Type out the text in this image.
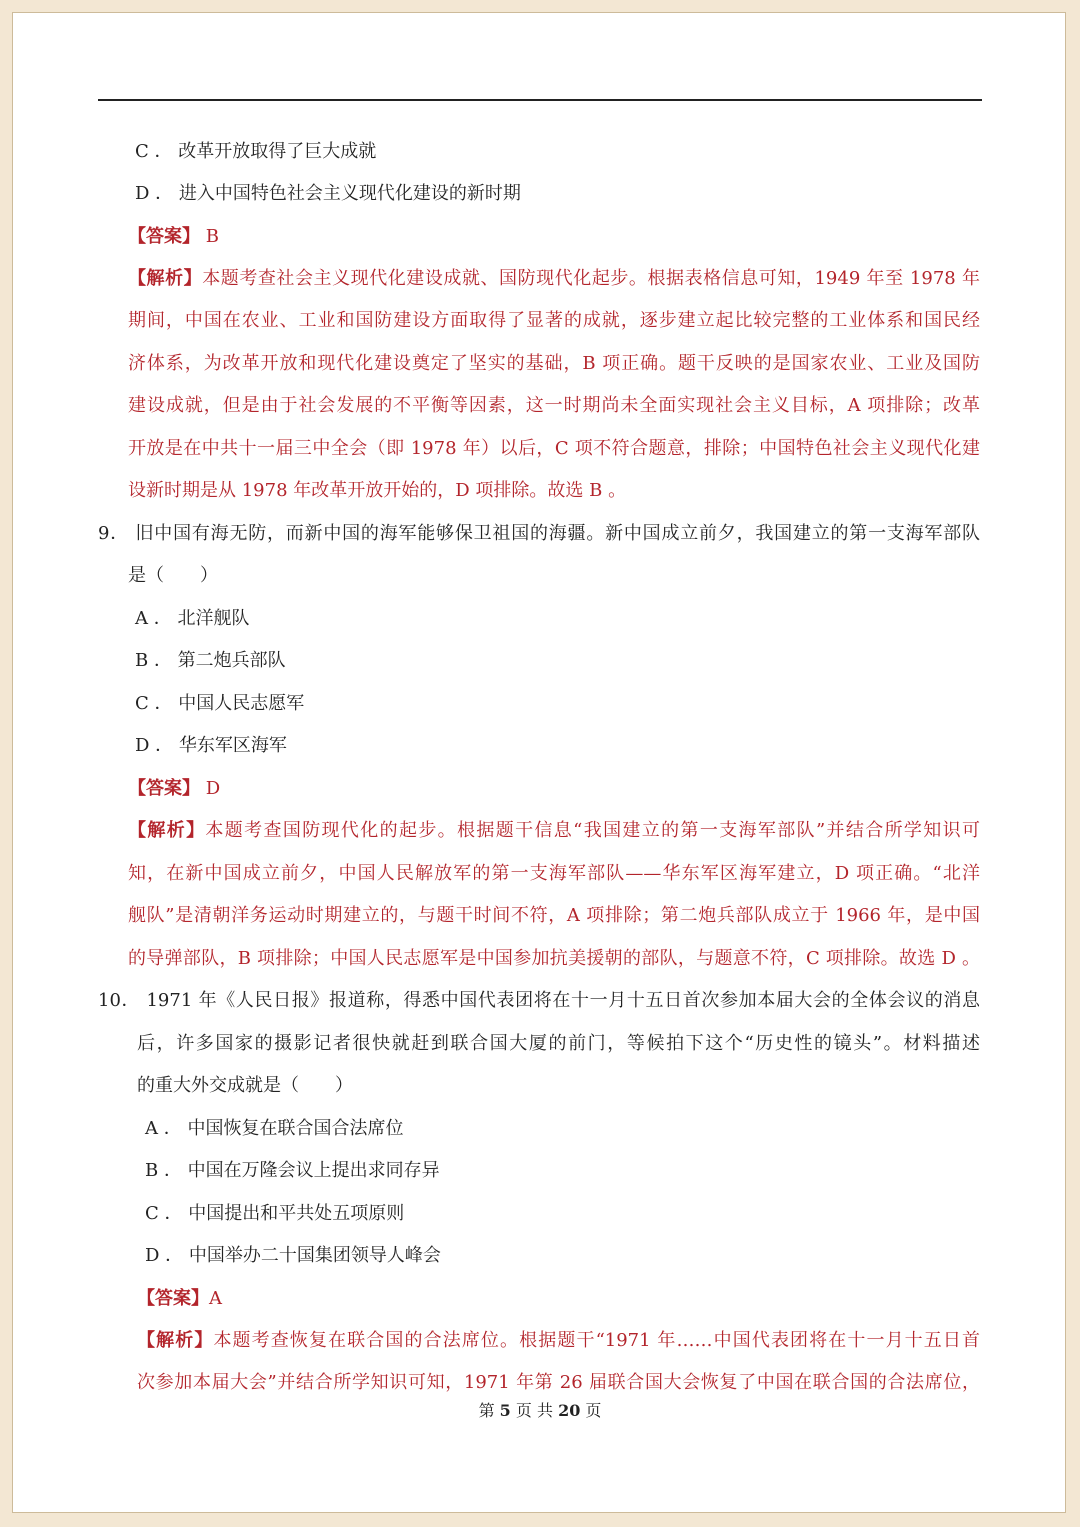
C ． 改革开放取得了巨大成就
D ． 进入中国特色社会主义现代化建设的新时期
【答案】 B
【解析】本题考查社会主义现代化建设成就、国防现代化起步。根据表格信息可知，1949 年至 1978 年
期间，中国在农业、工业和国防建设方面取得了显著的成就，逐步建立起比较完整的工业体系和国民经
济体系，为改革开放和现代化建设奠定了坚实的基础，B 项正确。题干反映的是国家农业、工业及国防
建设成就，但是由于社会发展的不平衡等因素，这一时期尚未全面实现社会主义目标，A 项排除；改革
开放是在中共十一届三中全会（即 1978 年）以后，C 项不符合题意，排除；中国特色社会主义现代化建
设新时期是从 1978 年改革开放开始的，D 项排除。故选 B 。
9． 旧中国有海无防，而新中国的海军能够保卫祖国的海疆。新中国成立前夕，我国建立的第一支海军部队
是（　　）
A ． 北洋舰队
B ． 第二炮兵部队
C ． 中国人民志愿军
D ． 华东军区海军
【答案】 D
【解析】本题考查国防现代化的起步。根据题干信息“我国建立的第一支海军部队”并结合所学知识可
知，在新中国成立前夕，中国人民解放军的第一支海军部队——华东军区海军建立，D 项正确。“北洋
舰队”是清朝洋务运动时期建立的，与题干时间不符，A 项排除；第二炮兵部队成立于 1966 年，是中国
的导弹部队，B 项排除；中国人民志愿军是中国参加抗美援朝的部队，与题意不符，C 项排除。故选 D 。
10． 1971 年《人民日报》报道称，得悉中国代表团将在十一月十五日首次参加本届大会的全体会议的消息
后，许多国家的摄影记者很快就赶到联合国大厦的前门，等候拍下这个“历史性的镜头”。材料描述
的重大外交成就是（　　）
A ． 中国恢复在联合国合法席位
B ． 中国在万隆会议上提出求同存异
C ． 中国提出和平共处五项原则
D ． 中国举办二十国集团领导人峰会
【答案】A
【解析】本题考查恢复在联合国的合法席位。根据题干“1971 年……中国代表团将在十一月十五日首
次参加本届大会”并结合所学知识可知，1971 年第 26 届联合国大会恢复了中国在联合国的合法席位，
第 5 页 共 20 页
